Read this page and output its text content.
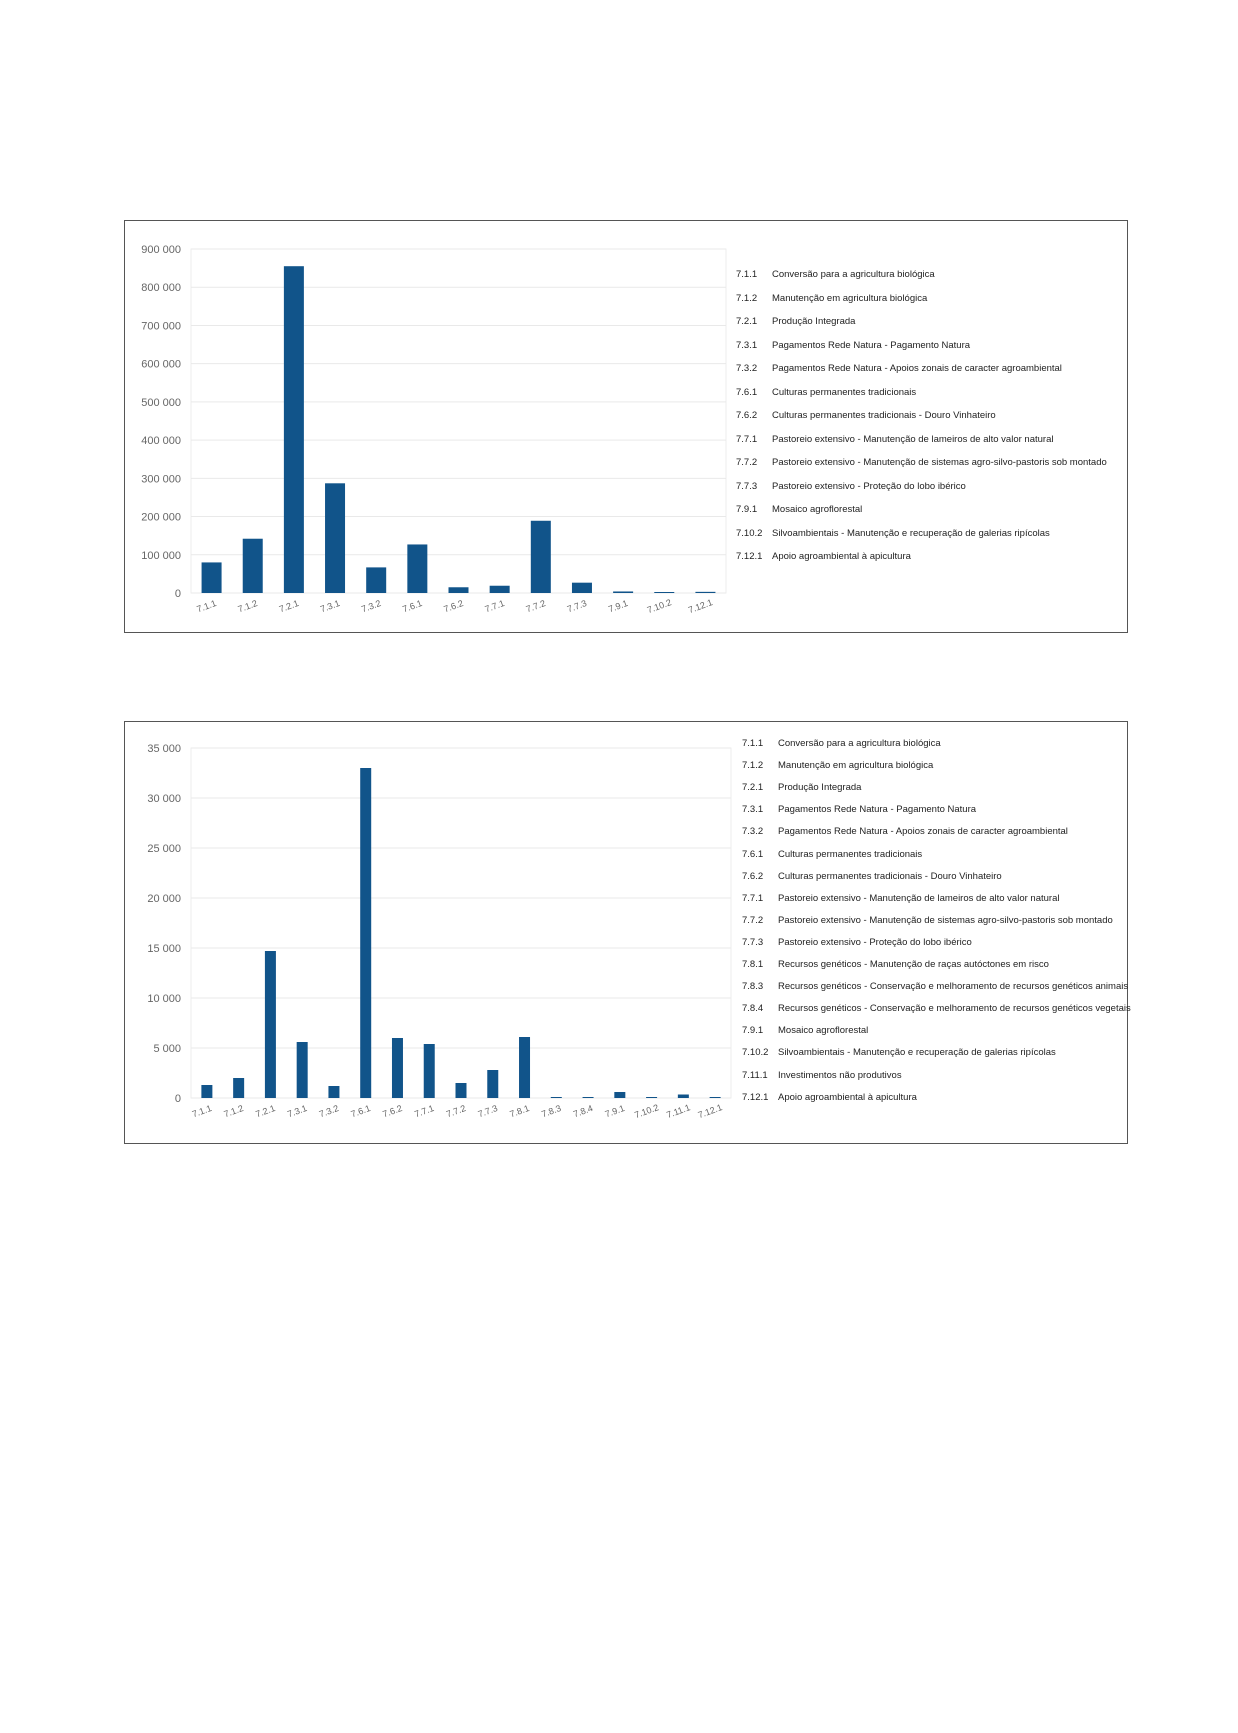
900 000
800 000
700 000
600 000
500 000
400 000
300 000
200 000
100 000
0
7.1.1 7.1.2 7.2.1 7.3.1 7.3.2 7.6.1 7.6.2 7.7.1 7.7.2 7.7.3 7.9.1 7.10.2 7.12.1
7.1.1 Conversão para a agricultura biológica
7.1.2 Manutenção em agricultura biológica
7.2.1 Produção Integrada
7.3.1 Pagamentos Rede Natura - Pagamento Natura
7.3.2 Pagamentos Rede Natura - Apoios zonais de caracter agroambiental
7.6.1 Culturas permanentes tradicionais
7.6.2 Culturas permanentes tradicionais - Douro Vinhateiro
7.7.1 Pastoreio extensivo - Manutenção de lameiros de alto valor natural
7.7.2 Pastoreio extensivo - Manutenção de sistemas agro-silvo-pastoris sob montado
7.7.3 Pastoreio extensivo - Proteção do lobo ibérico
7.9.1 Mosaico agroflorestal
7.10.2 Silvoambientais - Manutenção e recuperação de galerias ripícolas
7.12.1 Apoio agroambiental à apicultura
35 000
30 000
25 000
20 000
15 000
10 000
5 000
0
7.1.1 7.1.2 7.2.1 7.3.1 7.3.2 7.6.1 7.6.2 7.7.1 7.7.2 7.7.3 7.8.1 7.8.3 7.8.4 7.9.1 7.10.2 7.11.1 7.12.1
7.1.1 Conversão para a agricultura biológica
7.1.2 Manutenção em agricultura biológica
7.2.1 Produção Integrada
7.3.1 Pagamentos Rede Natura - Pagamento Natura
7.3.2 Pagamentos Rede Natura - Apoios zonais de caracter agroambiental
7.6.1 Culturas permanentes tradicionais
7.6.2 Culturas permanentes tradicionais - Douro Vinhateiro
7.7.1 Pastoreio extensivo - Manutenção de lameiros de alto valor natural
7.7.2 Pastoreio extensivo - Manutenção de sistemas agro-silvo-pastoris sob montado
7.7.3 Pastoreio extensivo - Proteção do lobo ibérico
7.8.1 Recursos genéticos - Manutenção de raças autóctones em risco
7.8.3 Recursos genéticos - Conservação e melhoramento de recursos genéticos animais
7.8.4 Recursos genéticos - Conservação e melhoramento de recursos genéticos vegetais
7.9.1 Mosaico agroflorestal
7.10.2 Silvoambientais - Manutenção e recuperação de galerias ripícolas
7.11.1 Investimentos não produtivos
7.12.1 Apoio agroambiental à apicultura
